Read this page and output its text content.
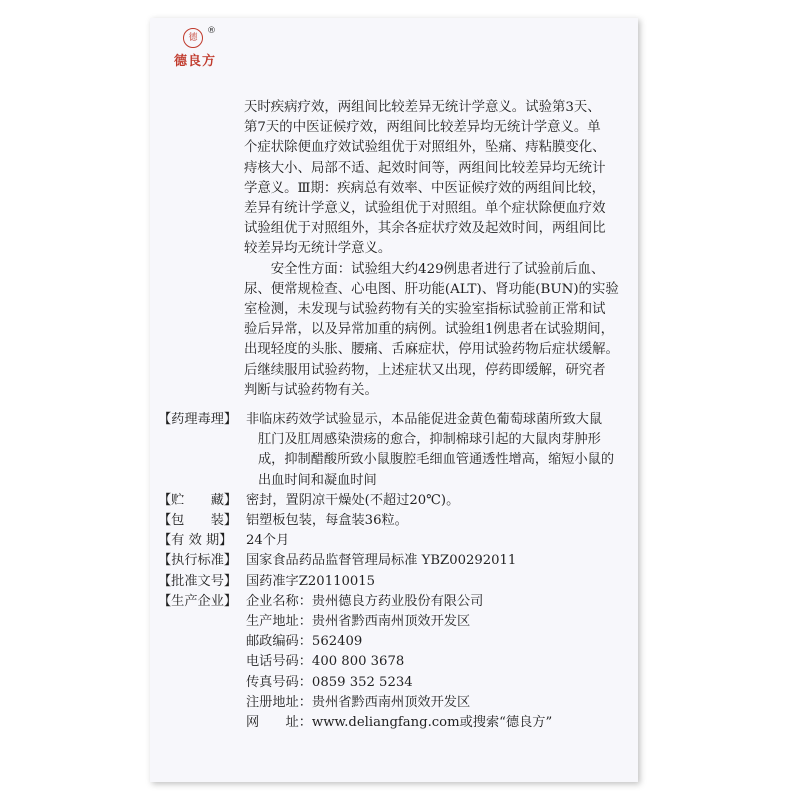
德
®
德良方

天时疾病疗效，两组间比较差异无统计学意义。试验第3天、
第7天的中医证候疗效，两组间比较差异均无统计学意义。单
个症状除便血疗效试验组优于对照组外，坠痛、痔粘膜变化、
痔核大小、局部不适、起效时间等，两组间比较差异均无统计
学意义。Ⅲ期：疾病总有效率、中医证候疗效的两组间比较，
差异有统计学意义，试验组优于对照组。单个症状除便血疗效
试验组优于对照组外，其余各症状疗效及起效时间，两组间比
较差异均无统计学意义。

安全性方面：试验组大约429例患者进行了试验前后血、
尿、便常规检查、心电图、肝功能(ALT)、肾功能(BUN)的实验
室检测，未发现与试验药物有关的实验室指标试验前正常和试
验后异常，以及异常加重的病例。试验组1例患者在试验期间，
出现轻度的头胀、腰痛、舌麻症状，停用试验药物后症状缓解。
后继续服用试验药物，上述症状又出现，停药即缓解，研究者
判断与试验药物有关。

【药理毒理】 非临床药效学试验显示，本品能促进金黄色葡萄球菌所致大鼠
肛门及肛周感染溃疡的愈合，抑制棉球引起的大鼠肉芽肿形
成，抑制醋酸所致小鼠腹腔毛细血管通透性增高，缩短小鼠的
出血时间和凝血时间
【贮　　藏】 密封，置阴凉干燥处(不超过20℃)。
【包　　装】 铝塑板包装，每盒装36粒。
【有 效 期】	24个月
【执行标准】 国家食品药品监督管理局标准 YBZ00292011
【批准文号】 国药准字Z20110015
【生产企业】 企业名称：贵州德良方药业股份有限公司
生产地址：贵州省黔西南州顶效开发区
邮政编码：562409
电话号码：400 800 3678
传真号码：0859 352 5234
注册地址：贵州省黔西南州顶效开发区
网　　址：www.deliangfang.com或搜索“德良方”
